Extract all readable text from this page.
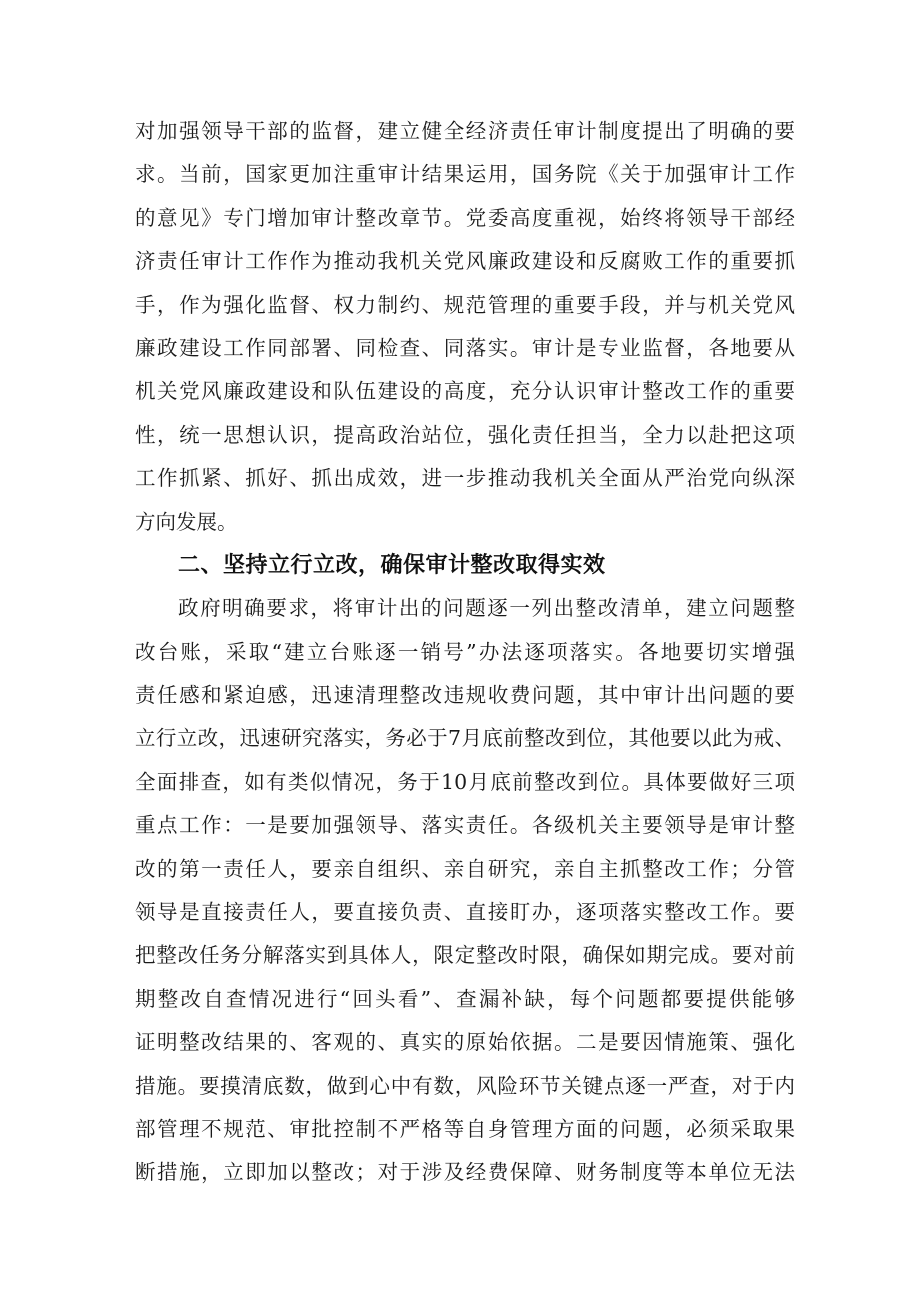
对加强领导干部的监督，建立健全经济责任审计制度提出了明确的要
求。当前，国家更加注重审计结果运用，国务院《关于加强审计工作
的意见》专门增加审计整改章节。党委高度重视，始终将领导干部经
济责任审计工作作为推动我机关党风廉政建设和反腐败工作的重要抓
手，作为强化监督、权力制约、规范管理的重要手段，并与机关党风
廉政建设工作同部署、同检查、同落实。审计是专业监督，各地要从
机关党风廉政建设和队伍建设的高度，充分认识审计整改工作的重要
性，统一思想认识，提高政治站位，强化责任担当，全力以赴把这项
工作抓紧、抓好、抓出成效，进一步推动我机关全面从严治党向纵深
方向发展。
二、坚持立行立改，确保审计整改取得实效
政府明确要求，将审计出的问题逐一列出整改清单，建立问题整
改台账，采取“建立台账逐一销号”办法逐项落实。各地要切实增强
责任感和紧迫感，迅速清理整改违规收费问题，其中审计出问题的要
立行立改，迅速研究落实，务必于7月底前整改到位，其他要以此为戒、
全面排查，如有类似情况，务于10月底前整改到位。具体要做好三项
重点工作：一是要加强领导、落实责任。各级机关主要领导是审计整
改的第一责任人，要亲自组织、亲自研究，亲自主抓整改工作；分管
领导是直接责任人，要直接负责、直接盯办，逐项落实整改工作。要
把整改任务分解落实到具体人，限定整改时限，确保如期完成。要对前
期整改自查情况进行“回头看”、查漏补缺，每个问题都要提供能够
证明整改结果的、客观的、真实的原始依据。二是要因情施策、强化
措施。要摸清底数，做到心中有数，风险环节关键点逐一严查，对于内
部管理不规范、审批控制不严格等自身管理方面的问题，必须采取果
断措施，立即加以整改；对于涉及经费保障、财务制度等本单位无法
